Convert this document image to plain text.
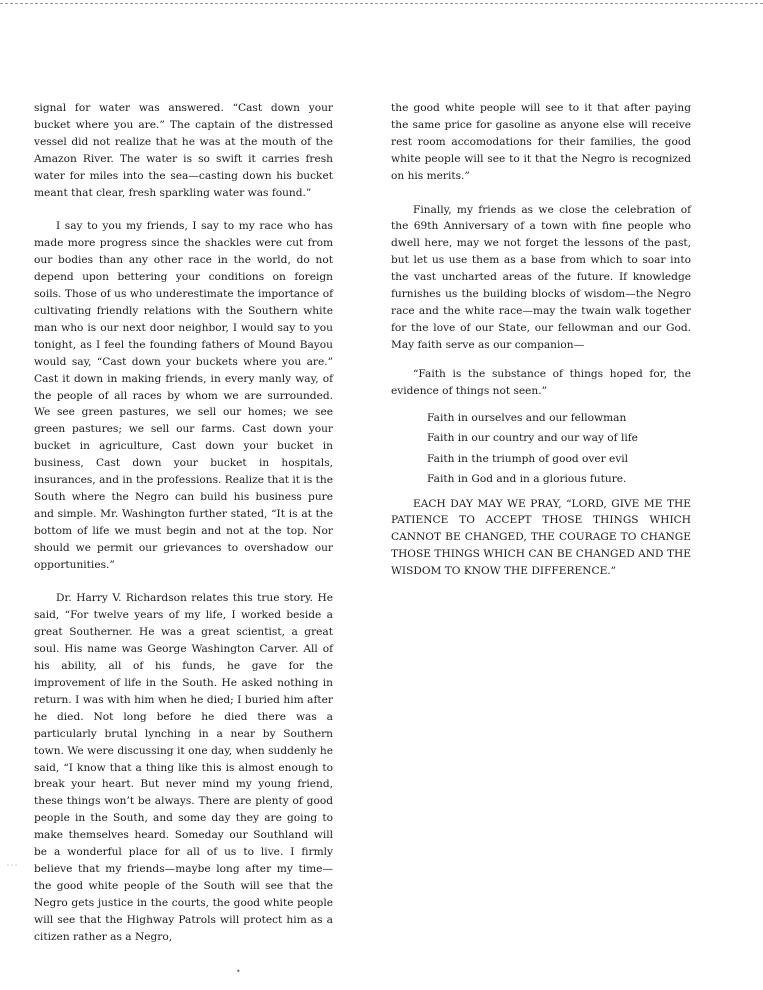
signal for water was answered. “Cast down your bucket where you are.” The captain of the distressed vessel did not realize that he was at the mouth of the Amazon River. The water is so swift it carries fresh water for miles into the sea—casting down his bucket meant that clear, fresh sparkling water was found.”

I say to you my friends, I say to my race who has made more progress since the shackles were cut from our bodies than any other race in the world, do not depend upon bettering your conditions on foreign soils. Those of us who underestimate the importance of cultivating friendly relations with the Southern white man who is our next door neighbor, I would say to you tonight, as I feel the founding fathers of Mound Bayou would say, “Cast down your buckets where you are.” Cast it down in making friends, in every manly way, of the people of all races by whom we are surrounded. We see green pastures, we sell our homes; we see green pastures; we sell our farms. Cast down your bucket in agriculture, Cast down your bucket in business, Cast down your bucket in hospitals, insurances, and in the professions. Realize that it is the South where the Negro can build his business pure and simple. Mr. Washington further stated, “It is at the bottom of life we must begin and not at the top. Nor should we permit our grievances to overshadow our opportunities.”

Dr. Harry V. Richardson relates this true story. He said, “For twelve years of my life, I worked beside a great Southerner. He was a great scientist, a great soul. His name was George Washington Carver. All of his ability, all of his funds, he gave for the improvement of life in the South. He asked nothing in return. I was with him when he died; I buried him after he died. Not long before he died there was a particularly brutal lynching in a near by Southern town. We were discussing it one day, when suddenly he said, “I know that a thing like this is almost enough to break your heart. But never mind my young friend, these things won’t be always. There are plenty of good people in the South, and some day they are going to make themselves heard. Someday our Southland will be a wonderful place for all of us to live. I firmly believe that my friends—maybe long after my time—the good white people of the South will see that the Negro gets justice in the courts, the good white people will see that the Highway Patrols will protect him as a citizen rather as a Negro,

the good white people will see to it that after paying the same price for gasoline as anyone else will receive rest room accomodations for their families, the good white people will see to it that the Negro is recognized on his merits.”

Finally, my friends as we close the celebration of the 69th Anniversary of a town with fine people who dwell here, may we not forget the lessons of the past, but let us use them as a base from which to soar into the vast uncharted areas of the future. If knowledge furnishes us the building blocks of wisdom—the Negro race and the white race—may the twain walk together for the love of our State, our fellowman and our God. May faith serve as our companion—

“Faith is the substance of things hoped for, the evidence of things not seen.”

Faith in ourselves and our fellowman
Faith in our country and our way of life
Faith in the triumph of good over evil
Faith in God and in a glorious future.

EACH DAY MAY WE PRAY, “LORD, GIVE ME THE PATIENCE TO ACCEPT THOSE THINGS WHICH CANNOT BE CHANGED, THE COURAGE TO CHANGE THOSE THINGS WHICH CAN BE CHANGED AND THE WISDOM TO KNOW THE DIFFERENCE.”

•
˙˙˙
